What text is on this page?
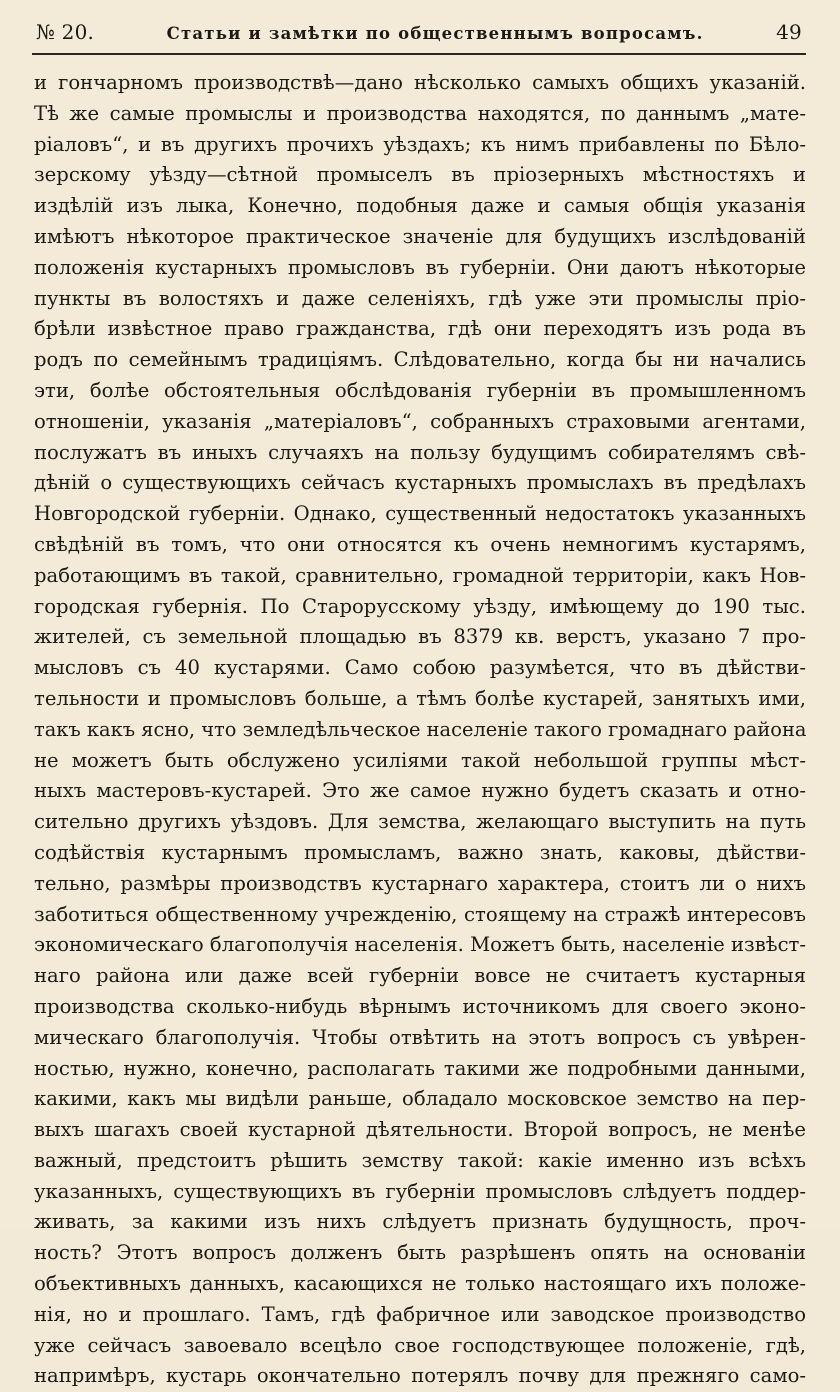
№ 20.	Статьи и замѣтки по общественнымъ вопросамъ.	49
и гончарномъ производствѣ—дано нѣсколько самыхъ общихъ указаній.
Тѣ же самые промыслы и производства находятся, по даннымъ „мате-
ріаловъ“, и въ другихъ прочихъ уѣздахъ; къ нимъ прибавлены по Бѣло-
зерскому уѣзду—сѣтной промыселъ въ пріозерныхъ мѣстностяхъ и
издѣлій изъ лыка, Конечно, подобныя даже и самыя общія указанія
имѣютъ нѣкоторое практическое значеніе для будущихъ изслѣдованій
положенія кустарныхъ промысловъ въ губерніи. Они даютъ нѣкоторые
пункты въ волостяхъ и даже селеніяхъ, гдѣ уже эти промыслы прiо-
брѣли извѣстное право гражданства, гдѣ они переходятъ изъ рода въ
родъ по семейнымъ традиціямъ. Слѣдовательно, когда бы ни начались
эти, болѣе обстоятельныя обслѣдованія губерніи въ промышленномъ
отношеніи, указанія „матеріаловъ“, собранныхъ страховыми агентами,
послужатъ въ иныхъ случаяхъ на пользу будущимъ собирателямъ свѣ-
дѣній о существующихъ сейчасъ кустарныхъ промыслахъ въ предѣлахъ
Новгородской губерніи. Однако, существенный недостатокъ указанныхъ
свѣдѣній въ томъ, что они относятся къ очень немногимъ кустарямъ,
работающимъ въ такой, сравнительно, громадной территоріи, какъ Нов-
городская губернія. По Старорусскому уѣзду, имѣющему до 190 тыс.
жителей, съ земельной площадью въ 8379 кв. верстъ, указано 7 про-
мысловъ съ 40 кустарями. Само собою разумѣется, что въ дѣйстви-
тельности и промысловъ больше, а тѣмъ болѣе кустарей, занятыхъ ими,
такъ какъ ясно, что земледѣльческое населеніе такого громаднаго района
не можетъ быть обслужено усиліями такой небольшой группы мѣст-
ныхъ мастеровъ-кустарей. Это же самое нужно будетъ сказать и отно-
сительно другихъ уѣздовъ. Для земства, желающаго выступить на путь
содѣйствія кустарнымъ промысламъ, важно знать, каковы, дѣйстви-
тельно, размѣры производствъ кустарнаго характера, стоитъ ли о нихъ
заботиться общественному учрежденію, стоящему на стражѣ интересовъ
экономическаго благополучія населенія. Можетъ быть, населеніе извѣст-
наго района или даже всей губерніи вовсе не считаетъ кустарныя
производства сколько-нибудь вѣрнымъ источникомъ для своего эконо-
мическаго благополучія. Чтобы отвѣтить на этотъ вопросъ съ увѣрен-
ностью, нужно, конечно, располагать такими же подробными данными,
какими, какъ мы видѣли раньше, обладало московское земство на пер-
выхъ шагахъ своей кустарной дѣятельности. Второй вопросъ, не менѣе
важный, предстоитъ рѣшить земству такой: какіе именно изъ всѣхъ
указанныхъ, существующихъ въ губерніи промысловъ слѣдуетъ поддер-
живать, за какими изъ нихъ слѣдуетъ признать будущность, проч-
ность? Этотъ вопросъ долженъ быть разрѣшенъ опять на основаніи
объективныхъ данныхъ, касающихся не только настоящаго ихъ положе-
нія, но и прошлаго. Тамъ, гдѣ фабричное или заводское производство
уже сейчасъ завоевало всецѣло свое господствующее положеніе, гдѣ,
напримѣръ, кустарь окончательно потерялъ почву для прежняго само-
